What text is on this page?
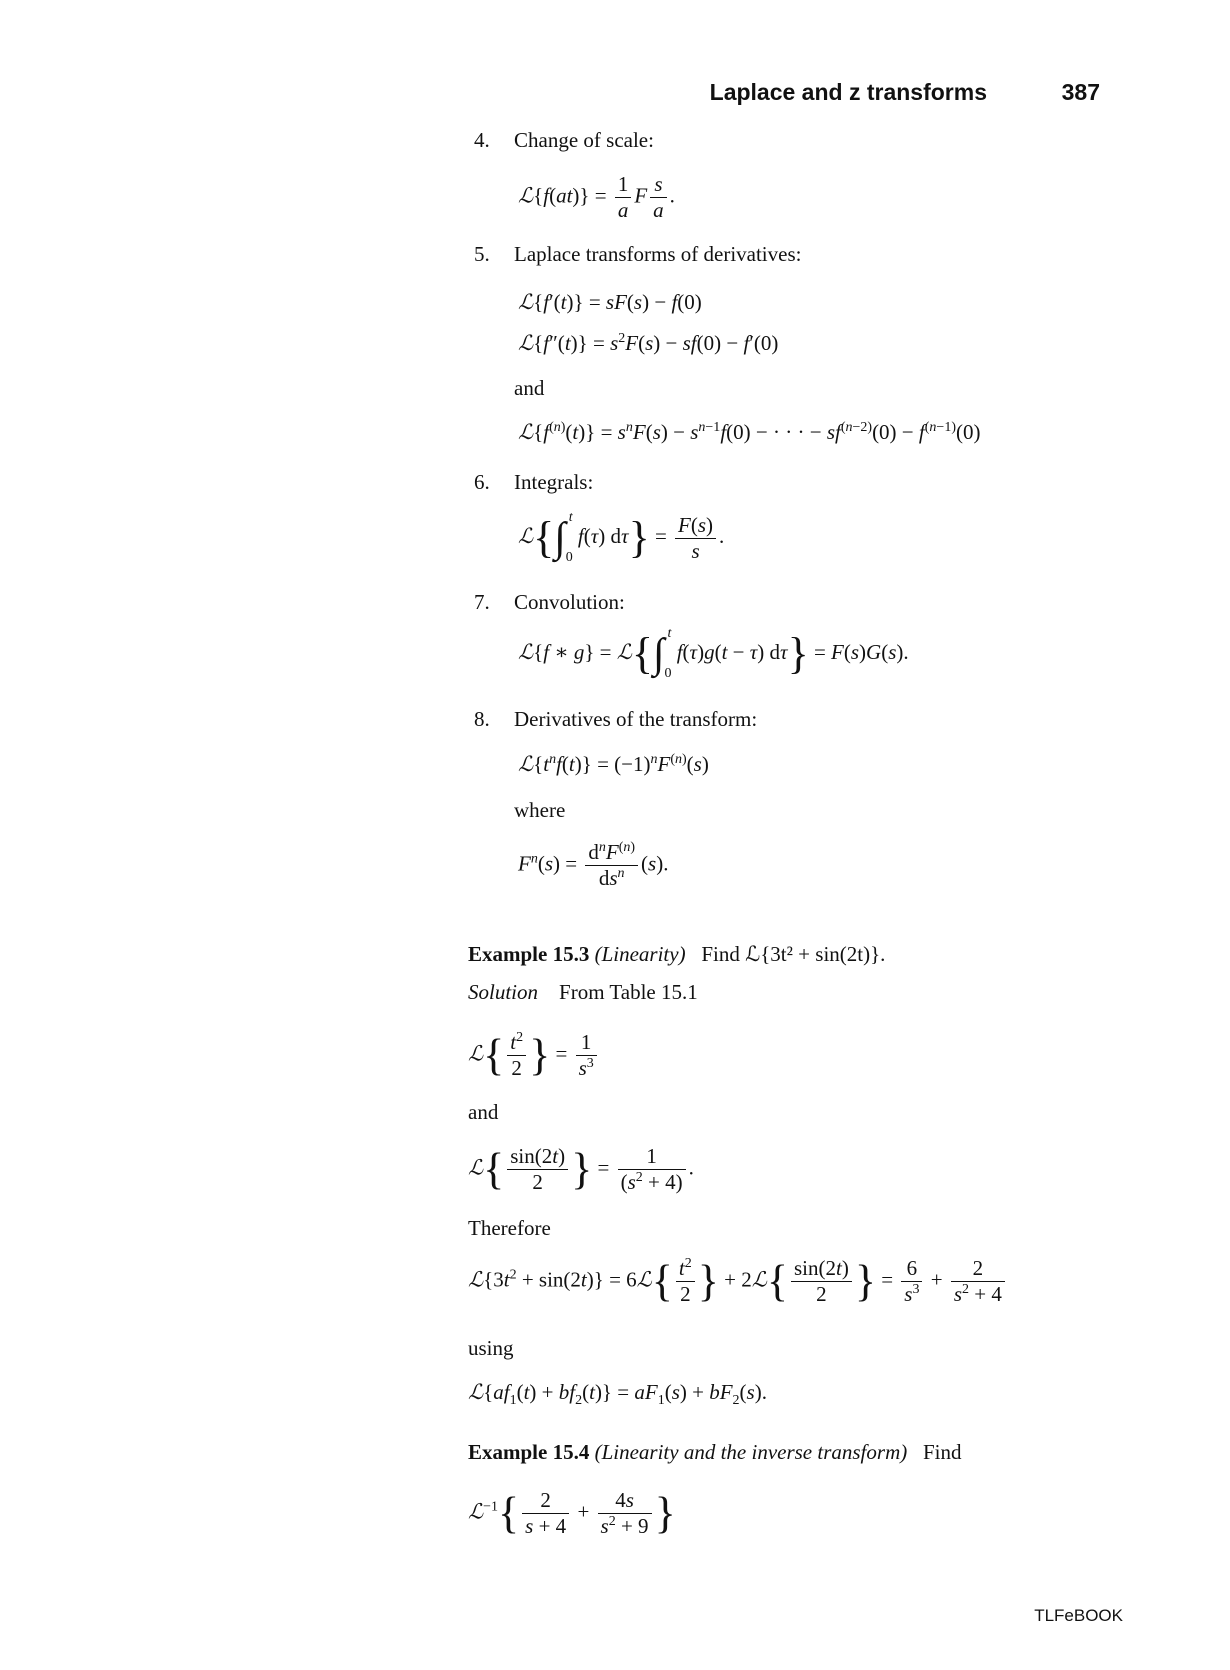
Laplace and z transforms	387
4. Change of scale:
ℒ{f(at)} = $\frac{1}{a}$ F $\frac{s}{a}$ .
5. Laplace transforms of derivatives:
ℒ{f′(t)} = sF(s) − f(0)
ℒ{f″(t)} = $s^2F(s) - sf(0) - f'(0)$
and
$ℒ\{f^{(n)}(t)\} = s^nF(s) - s^{n-1}f(0)$ − · · · − $sf^{(n-2)}(0) - f^{(n-1)}(0)$
6. Integrals:
$ℒ\{\int_0^t$ f(τ) $d\tau\} = \frac{F(s)}{s}$ .
7. Convolution:
ℒ{f ∗ $g\} = ℒ\{\int_0^t$ f(τ)g(t − τ) dτ} = F(s)G(s).
8. Derivatives of the transform:
$ℒ\{t^nf(t)\} = (-1)^nF^{(n)}(s)$
where
$F^n(s) = \frac{d^nF^{(n)}}{ds^n} (s)$.
Example 15.3 (Linearity) Find ℒ{3t² + sin(2t)}.
Solution From Table 15.1
ℒ{ $\frac{t^2}{2}$ } = $\frac{1}{s^3}$
and
ℒ{ $\frac{\sin(2t)}{2}$ } = $\frac{1}{(s^2 + 4)}$ .
Therefore
$ℒ\{3t^2 + \sin(2t)\}$ = 6ℒ{ $\frac{t^2}{2}$ } + 2ℒ{ $\frac{\sin(2t)}{2}$ } = $\frac{6}{s^3} + \frac{2}{s^2 + 4}$
using
$ℒ\{af_1(t) + bf_2(t)\} = aF_1(s) + bF_2(s)$.
Example 15.4 (Linearity and the inverse transform) Find
ℒ$^{-1}${ $\frac{2}{s + 4} + \frac{4s}{s^2 + 9}$ }
TLFeBOOK
